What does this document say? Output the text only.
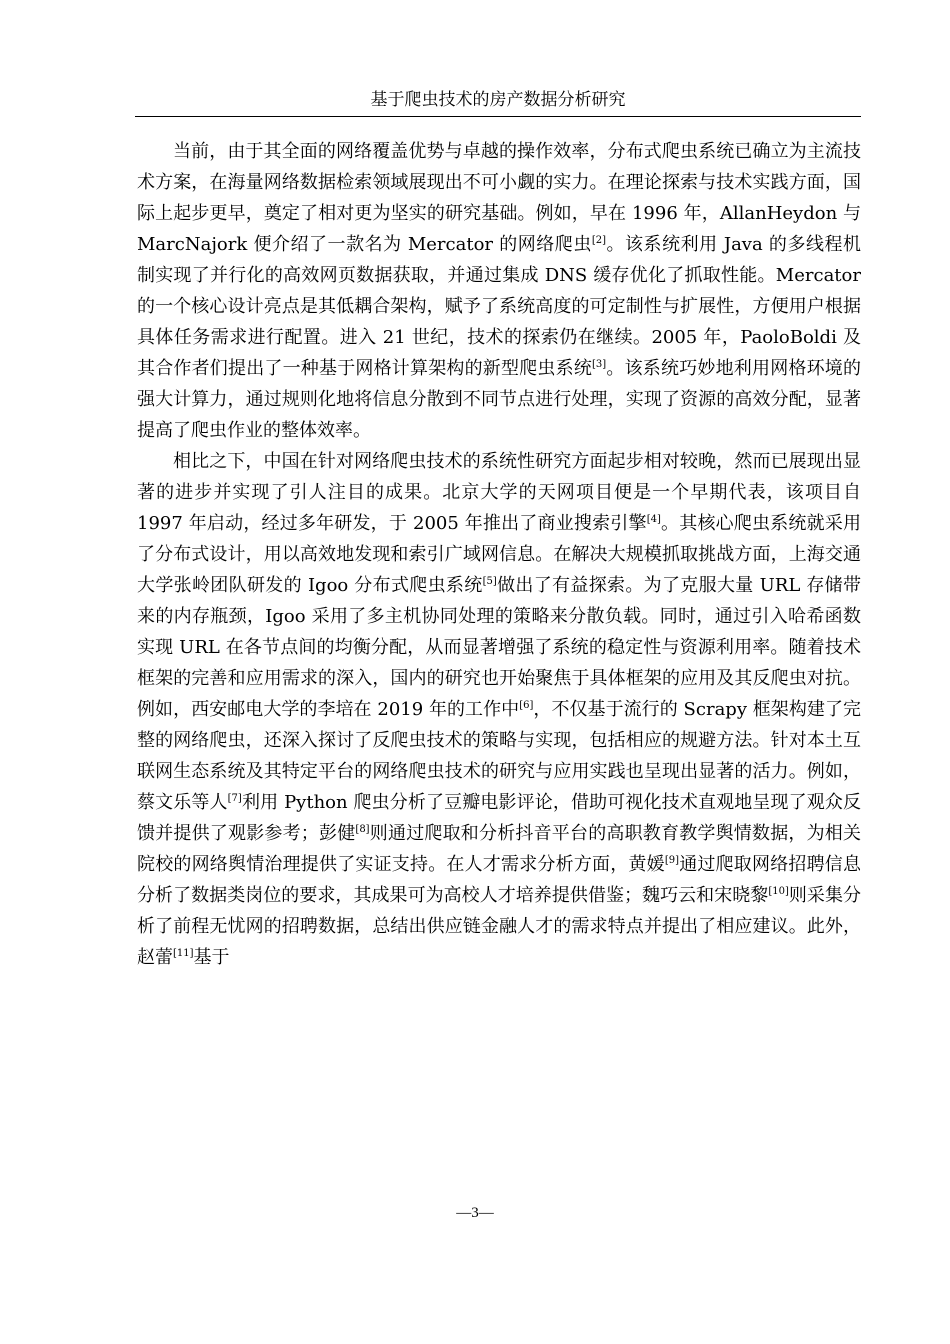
基于爬虫技术的房产数据分析研究

当前，由于其全面的网络覆盖优势与卓越的操作效率，分布式爬虫系统已确立为主流技术方案，在海量网络数据检索领域展现出不可小觑的实力。在理论探索与技术实践方面，国际上起步更早，奠定了相对更为坚实的研究基础。例如，早在 1996 年，AllanHeydon 与 MarcNajork 便介绍了一款名为 Mercator 的网络爬虫[2]。该系统利用 Java 的多线程机制实现了并行化的高效网页数据获取，并通过集成 DNS 缓存优化了抓取性能。Mercator 的一个核心设计亮点是其低耦合架构，赋予了系统高度的可定制性与扩展性，方便用户根据具体任务需求进行配置。进入 21 世纪，技术的探索仍在继续。2005 年，PaoloBoldi 及其合作者们提出了一种基于网格计算架构的新型爬虫系统[3]。该系统巧妙地利用网格环境的强大计算力，通过规则化地将信息分散到不同节点进行处理，实现了资源的高效分配，显著提高了爬虫作业的整体效率。

相比之下，中国在针对网络爬虫技术的系统性研究方面起步相对较晚，然而已展现出显著的进步并实现了引人注目的成果。北京大学的天网项目便是一个早期代表，该项目自 1997 年启动，经过多年研发，于 2005 年推出了商业搜索引擎[4]。其核心爬虫系统就采用了分布式设计，用以高效地发现和索引广域网信息。在解决大规模抓取挑战方面，上海交通大学张岭团队研发的 Igoo 分布式爬虫系统[5]做出了有益探索。为了克服大量 URL 存储带来的内存瓶颈，Igoo 采用了多主机协同处理的策略来分散负载。同时，通过引入哈希函数实现 URL 在各节点间的均衡分配，从而显著增强了系统的稳定性与资源利用率。随着技术框架的完善和应用需求的深入，国内的研究也开始聚焦于具体框架的应用及其反爬虫对抗。例如，西安邮电大学的李培在 2019 年的工作中[6]，不仅基于流行的 Scrapy 框架构建了完整的网络爬虫，还深入探讨了反爬虫技术的策略与实现，包括相应的规避方法。针对本土互联网生态系统及其特定平台的网络爬虫技术的研究与应用实践也呈现出显著的活力。例如，蔡文乐等人[7]利用 Python 爬虫分析了豆瓣电影评论，借助可视化技术直观地呈现了观众反馈并提供了观影参考；彭健[8]则通过爬取和分析抖音平台的高职教育教学舆情数据，为相关院校的网络舆情治理提供了实证支持。在人才需求分析方面，黄媛[9]通过爬取网络招聘信息分析了数据类岗位的要求，其成果可为高校人才培养提供借鉴；魏巧云和宋晓黎[10]则采集分析了前程无忧网的招聘数据，总结出供应链金融人才的需求特点并提出了相应建议。此外，赵蕾[11]基于

—3—
